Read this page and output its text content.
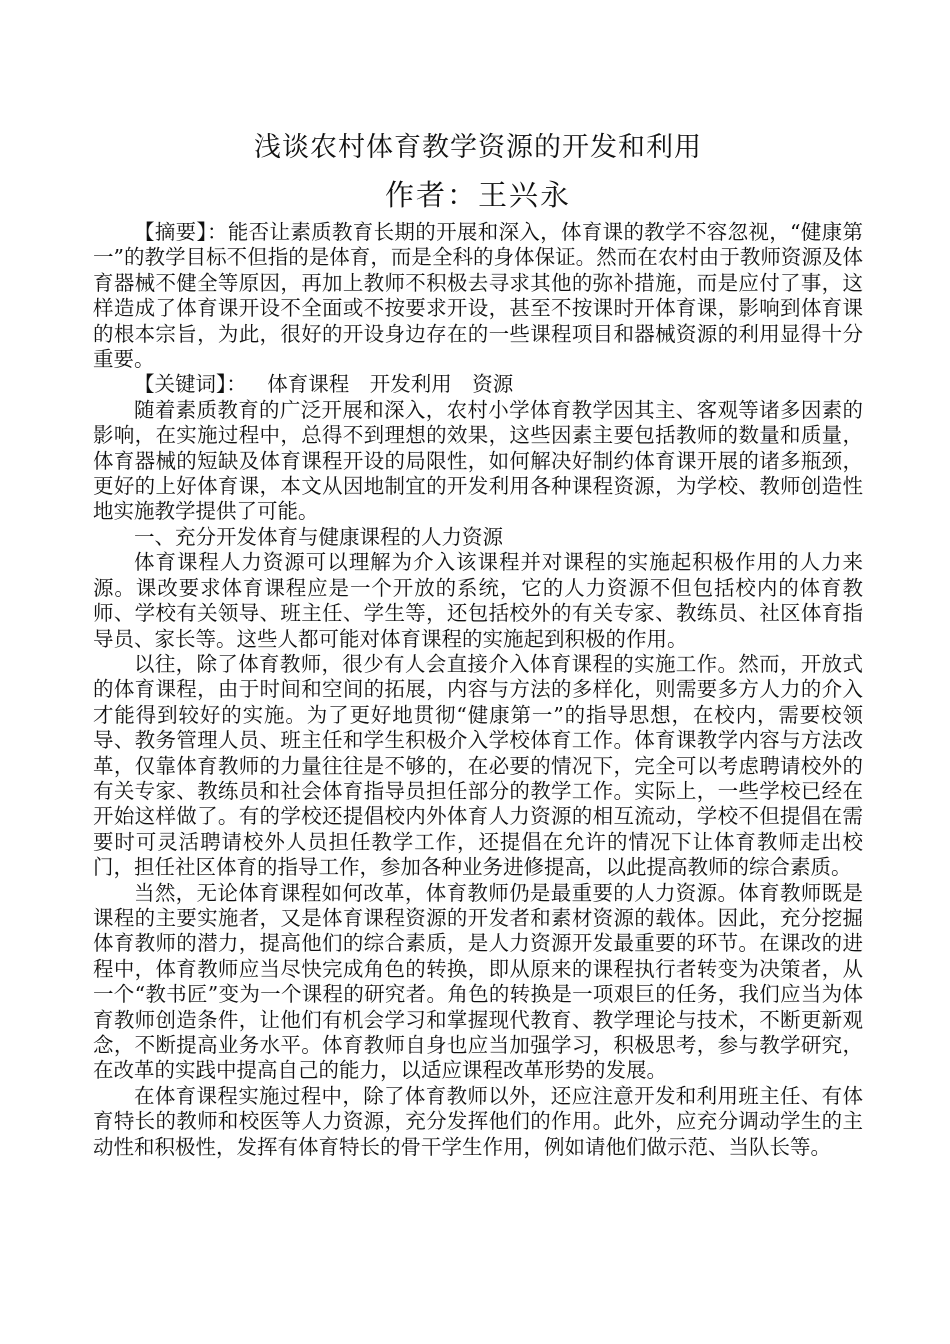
浅谈农村体育教学资源的开发和利用
作者：王兴永

【摘要】：能否让素质教育长期的开展和深入，体育课的教学不容忽视，“健康第一”的教学目标不但指的是体育，而是全科的身体保证。然而在农村由于教师资源及体育器械不健全等原因，再加上教师不积极去寻求其他的弥补措施，而是应付了事，这样造成了体育课开设不全面或不按要求开设，甚至不按课时开体育课，影响到体育课的根本宗旨，为此，很好的开设身边存在的一些课程项目和器械资源的利用显得十分重要。

【关键词】： 体育课程 开发利用 资源

随着素质教育的广泛开展和深入，农村小学体育教学因其主、客观等诸多因素的影响，在实施过程中，总得不到理想的效果，这些因素主要包括教师的数量和质量，体育器械的短缺及体育课程开设的局限性，如何解决好制约体育课开展的诸多瓶颈，更好的上好体育课，本文从因地制宜的开发利用各种课程资源，为学校、教师创造性地实施教学提供了可能。

一、充分开发体育与健康课程的人力资源

体育课程人力资源可以理解为介入该课程并对课程的实施起积极作用的人力来源。课改要求体育课程应是一个开放的系统，它的人力资源不但包括校内的体育教师、学校有关领导、班主任、学生等，还包括校外的有关专家、教练员、社区体育指导员、家长等。这些人都可能对体育课程的实施起到积极的作用。

以往，除了体育教师，很少有人会直接介入体育课程的实施工作。然而，开放式的体育课程，由于时间和空间的拓展，内容与方法的多样化，则需要多方人力的介入才能得到较好的实施。为了更好地贯彻“健康第一”的指导思想，在校内，需要校领导、教务管理人员、班主任和学生积极介入学校体育工作。体育课教学内容与方法改革，仅靠体育教师的力量往往是不够的，在必要的情况下，完全可以考虑聘请校外的有关专家、教练员和社会体育指导员担任部分的教学工作。实际上，一些学校已经在开始这样做了。有的学校还提倡校内外体育人力资源的相互流动，学校不但提倡在需要时可灵活聘请校外人员担任教学工作，还提倡在允许的情况下让体育教师走出校门，担任社区体育的指导工作，参加各种业务进修提高，以此提高教师的综合素质。

当然，无论体育课程如何改革，体育教师仍是最重要的人力资源。体育教师既是课程的主要实施者，又是体育课程资源的开发者和素材资源的载体。因此，充分挖掘体育教师的潜力，提高他们的综合素质，是人力资源开发最重要的环节。在课改的进程中，体育教师应当尽快完成角色的转换，即从原来的课程执行者转变为决策者，从一个“教书匠”变为一个课程的研究者。角色的转换是一项艰巨的任务，我们应当为体育教师创造条件，让他们有机会学习和掌握现代教育、教学理论与技术，不断更新观念，不断提高业务水平。体育教师自身也应当加强学习，积极思考，参与教学研究，在改革的实践中提高自己的能力，以适应课程改革形势的发展。

在体育课程实施过程中，除了体育教师以外，还应注意开发和利用班主任、有体育特长的教师和校医等人力资源，充分发挥他们的作用。此外，应充分调动学生的主动性和积极性，发挥有体育特长的骨干学生作用，例如请他们做示范、当队长等。
